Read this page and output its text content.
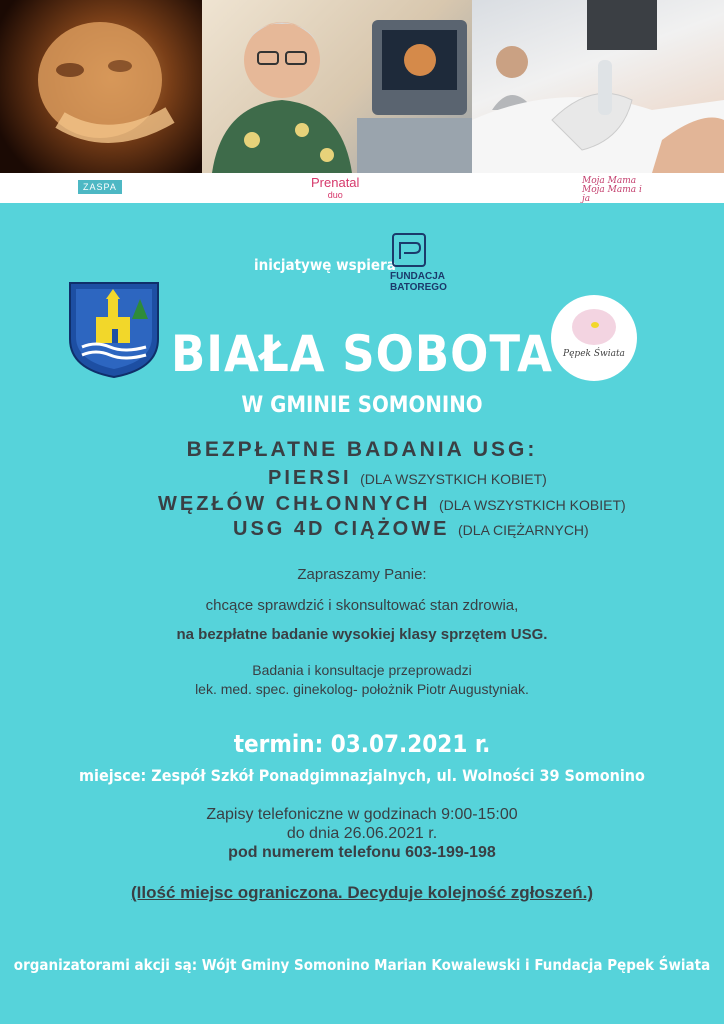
ZASPA	Prenatal
duo
Moja Mama Moja Mama i ja
inicjatywę wspiera
FUNDACJA
BATOREGO
Pępek Świata
BIAŁA SOBOTA
W GMINIE SOMONINO
BEZPŁATNE BADANIA USG:
PIERSI (DLA WSZYSTKICH KOBIET)
WĘZŁÓW CHŁONNYCH (DLA WSZYSTKICH KOBIET)
USG 4D CIĄŻOWE (DLA CIĘŻARNYCH)
Zapraszamy Panie:
chcące sprawdzić i skonsultować stan zdrowia,
na bezpłatne badanie wysokiej klasy sprzętem USG.
Badania i konsultacje przeprowadzi
lek. med. spec. ginekolog- położnik Piotr Augustyniak.
termin: 03.07.2021 r.
miejsce: Zespół Szkół Ponadgimnazjalnych, ul. Wolności 39 Somonino
Zapisy telefoniczne w godzinach 9:00-15:00
do dnia 26.06.2021 r.
pod numerem telefonu 603-199-198
(Ilość miejsc ograniczona. Decyduje kolejność zgłoszeń.)
organizatorami akcji są: Wójt Gminy Somonino Marian Kowalewski i Fundacja Pępek Świata
